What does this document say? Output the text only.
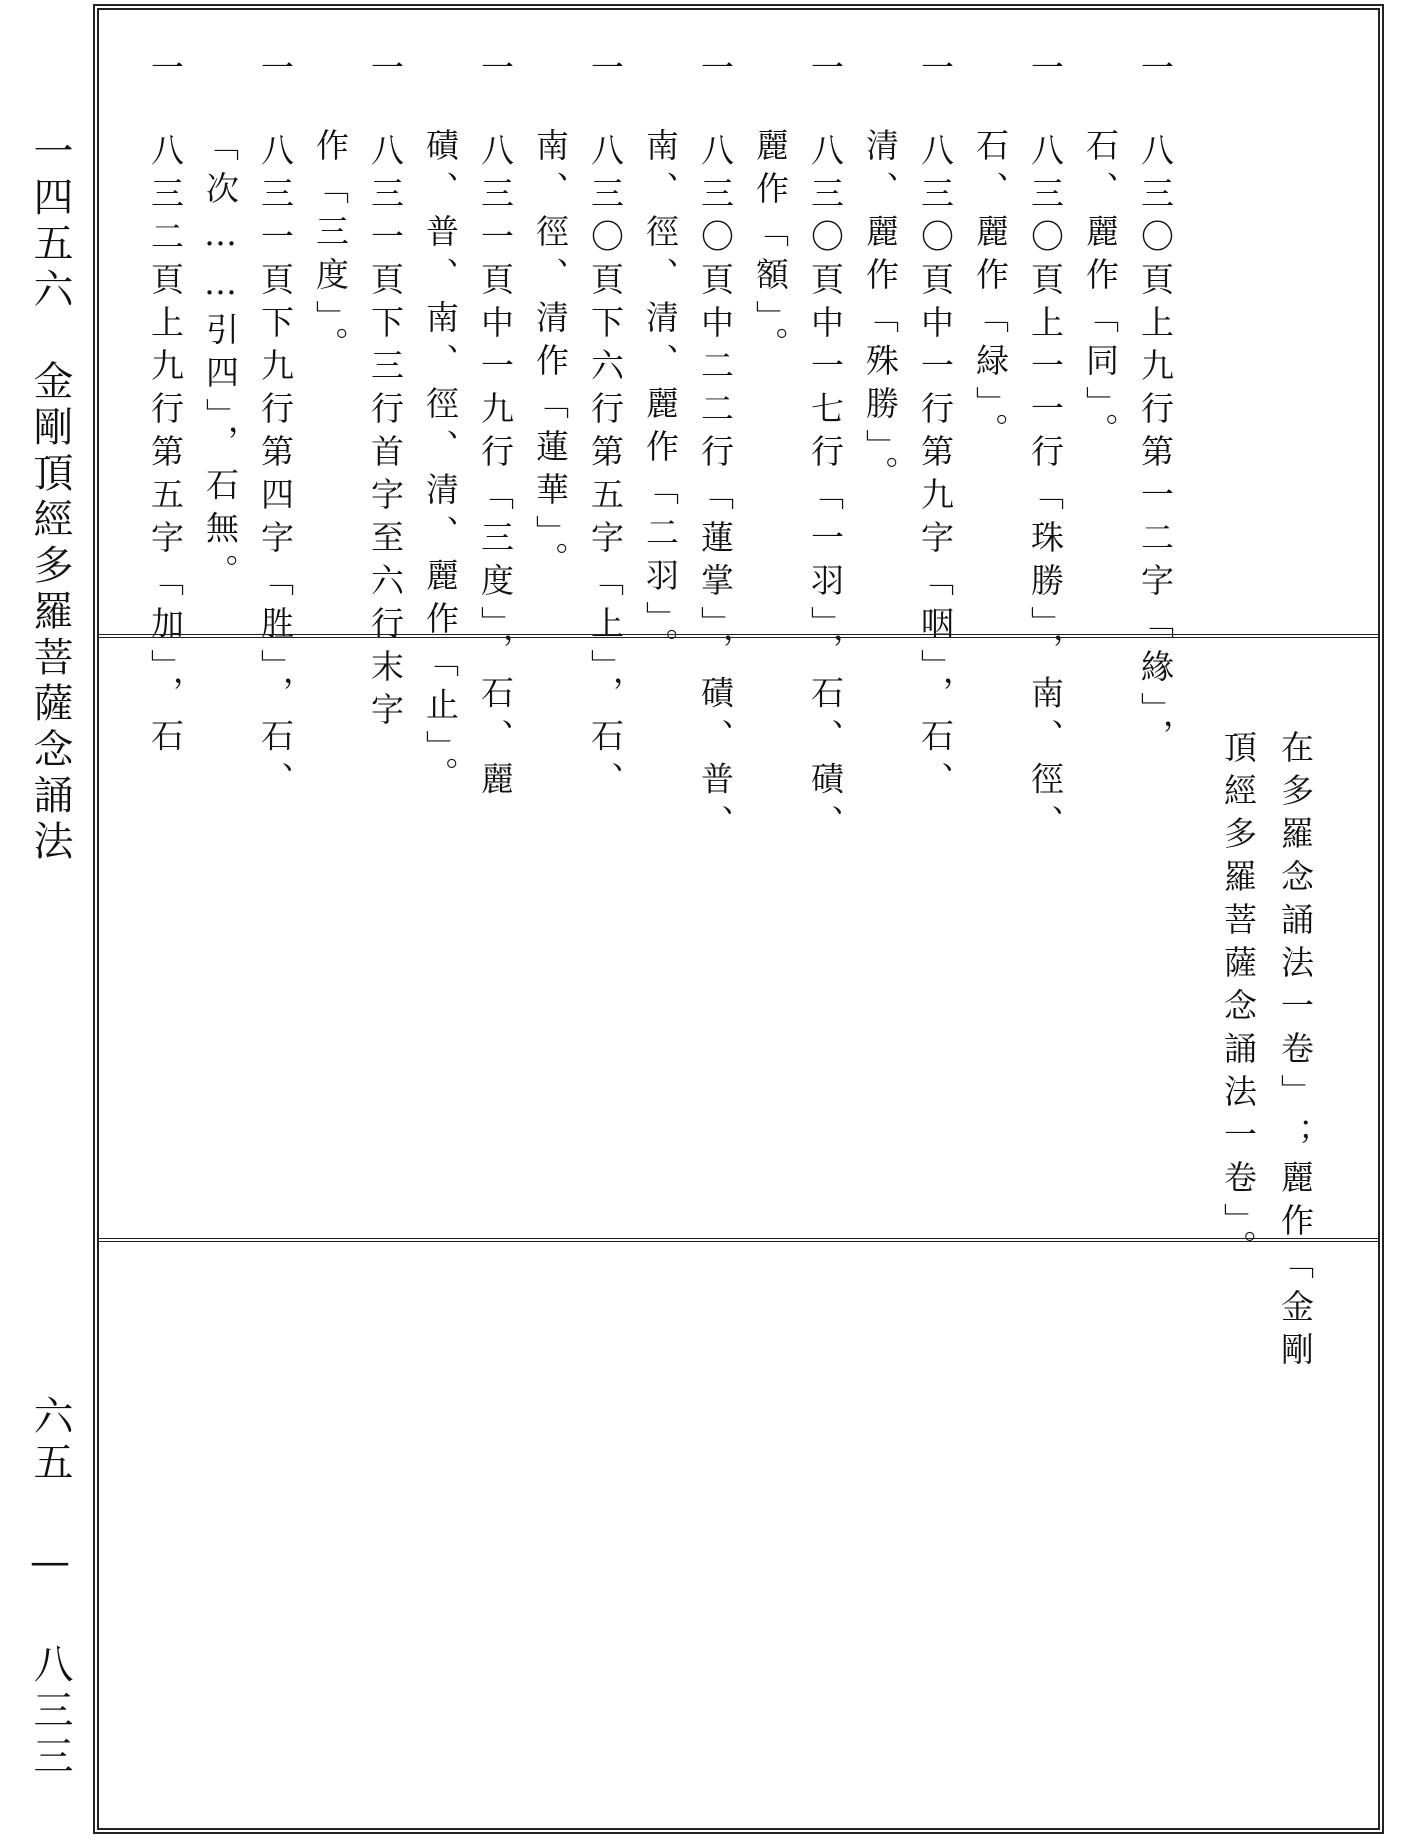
一四五六　金剛頂經多羅菩薩念誦法
六五 — 八三三
一八三〇頁上九行第一二字「緣」，
石、麗作「同」。
一八三〇頁上一一行「珠勝」，南、徑、
石、麗作「緑」。
一八三〇頁中一行第九字「咽」，石、
清、麗作「殊勝」。
一八三〇頁中一七行「一羽」，石、磧、
麗作「額」。
一八三〇頁中二二行「蓮掌」，磧、普、
南、徑、清、麗作「二羽」。
一八三〇頁下六行第五字「上」，石、
南、徑、清作「蓮華」。
一八三一頁中一九行「三度」，石、麗
磧、普、南、徑、清、麗作「止」。
一八三一頁下三行首字至六行末字
作「三度」。
一八三一頁下九行第四字「胜」，石、
「次……引四」，石無。
一八三二頁上九行第五字「加」，石
在多羅念誦法一卷」；麗作「金剛
頂經多羅菩薩念誦法一卷」。
